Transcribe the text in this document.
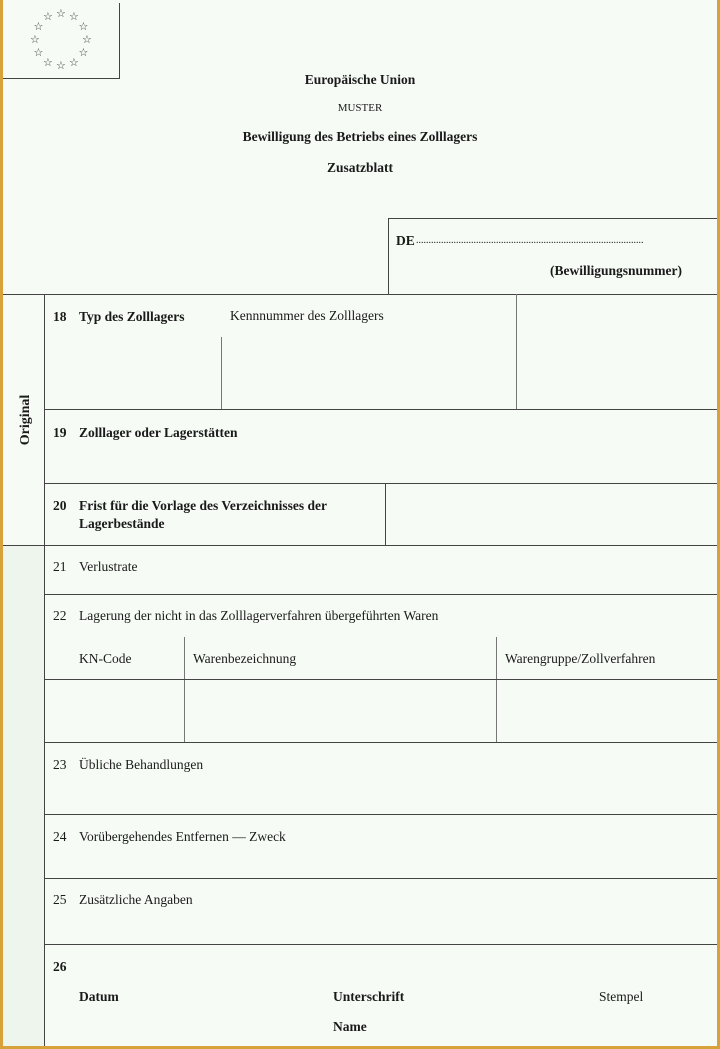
☆ ☆
☆
☆
☆
☆
☆
☆
☆
☆
☆
☆
Europäische Union
MUSTER
Bewilligung des Betriebs eines Zolllagers
Zusatzblatt
DE ...........................................................................................
(Bewilligungsnummer)
Original
18 Typ des Zolllagers	Kennnummer des Zolllagers
19 Zolllager oder Lagerstätten
20 Frist für die Vorlage des Verzeichnisses der
Lagerbestände
21 Verlustrate
22 Lagerung der nicht in das Zolllagerverfahren übergeführten Waren
KN-Code	Warenbezeichnung	Warengruppe/Zollverfahren
23 Übliche Behandlungen
24 Vorübergehendes Entfernen — Zweck
25 Zusätzliche Angaben
26
Datum	Unterschrift	Stempel
Name
